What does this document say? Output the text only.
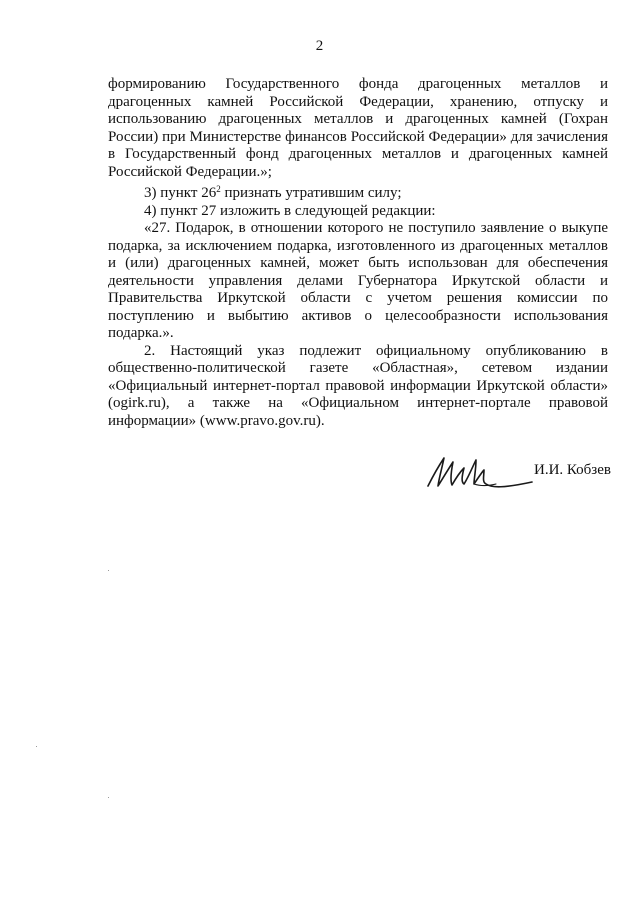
2

формированию Государственного фонда драгоценных металлов и драгоценных камней Российской Федерации, хранению, отпуску и использованию драгоценных металлов и драгоценных камней (Гохран России) при Министерстве финансов Российской Федерации» для зачисления в Государственный фонд драгоценных металлов и драгоценных камней Российской Федерации.»;

3) пункт $26^2$ признать утратившим силу;

4) пункт 27 изложить в следующей редакции:

«27. Подарок, в отношении которого не поступило заявление о выкупе подарка, за исключением подарка, изготовленного из драгоценных металлов и (или) драгоценных камней, может быть использован для обеспечения деятельности управления делами Губернатора Иркутской области и Правительства Иркутской области с учетом решения комиссии по поступлению и выбытию активов о целесообразности использования подарка.».

2. Настоящий указ подлежит официальному опубликованию в общественно-политической газете «Областная», сетевом издании «Официальный интернет-портал правовой информации Иркутской области» (ogirk.ru), а также на «Официальном интернет-портале правовой информации» (www.pravo.gov.ru).

И.И. Кобзев
